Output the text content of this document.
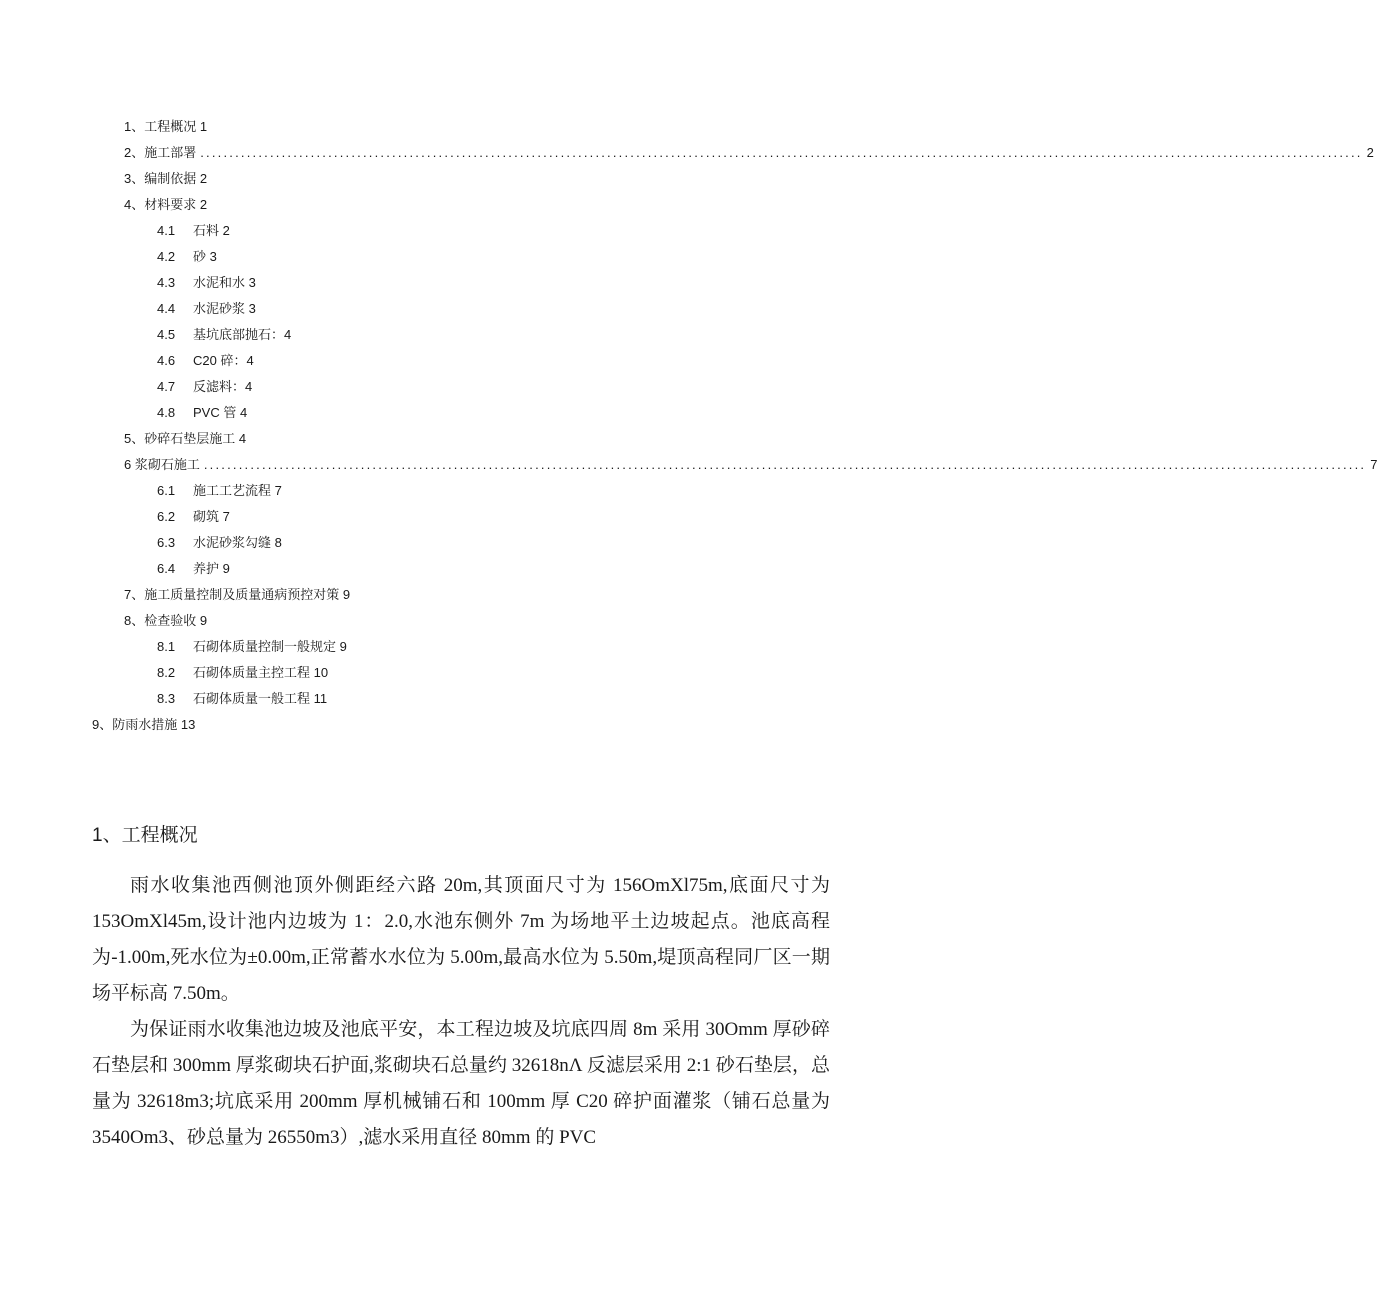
1、工程概况 1
2、施工部署 ........................................................................................................................................................................................................ 2
3、编制依据 2
4、材料要求 2
4.1 石料 2
4.2 砂 3
4.3 水泥和水 3
4.4 水泥砂浆 3
4.5 基坑底部抛石：4
4.6 C20 碎：4
4.7 反滤料：4
4.8 PVC 管 4
5、砂碎石垫层施工 4
6 浆砌石施工 ........................................................................................................................................................................................................ 7
6.1 施工工艺流程 7
6.2 砌筑 7
6.3 水泥砂浆勾缝 8
6.4 养护 9
7、施工质量控制及质量通病预控对策 9
8、检查验收 9
8.1 石砌体质量控制一般规定 9
8.2 石砌体质量主控工程 10
8.3 石砌体质量一般工程 11
9、防雨水措施 13
1、工程概况

雨水收集池西侧池顶外侧距经六路 20m,其顶面尺寸为 156OmXl75m,底面尺寸为 153OmXl45m,设计池内边坡为 1：2.0,水池东侧外 7m 为场地平土边坡起点。池底高程为-1.00m,死水位为±0.00m,正常蓄水水位为 5.00m,最高水位为 5.50m,堤顶高程同厂区一期场平标高 7.50m。

为保证雨水收集池边坡及池底平安，本工程边坡及坑底四周 8m 采用 30Omm 厚砂碎石垫层和 300mm 厚浆砌块石护面,浆砌块石总量约 32618nΛ 反滤层采用 2:1 砂石垫层，总量为 32618m3;坑底采用 200mm 厚机械铺石和 100mm 厚 C20 碎护面灌浆（铺石总量为 3540Om3、砂总量为 26550m3）,滤水采用直径 80mm 的 PVC
